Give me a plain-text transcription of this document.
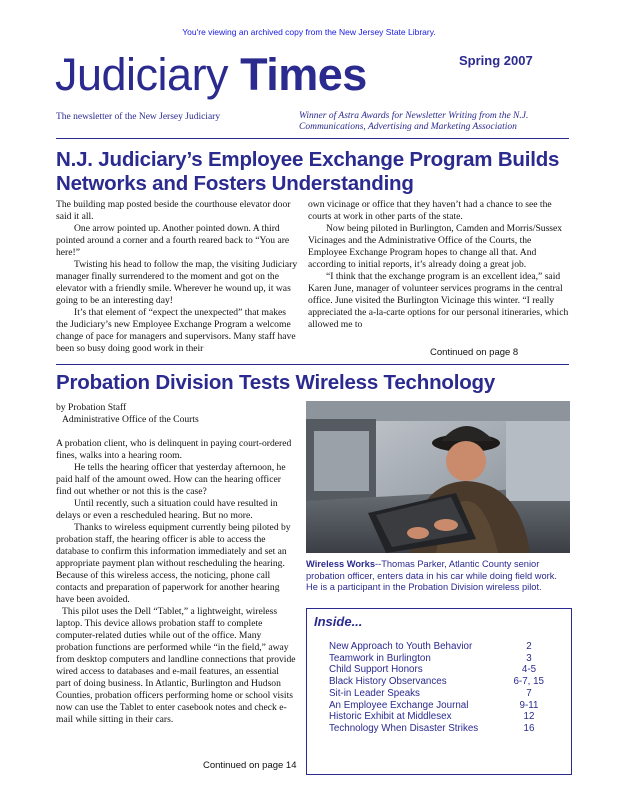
You're viewing an archived copy from the New Jersey State Library.
Judiciary Times	Spring 2007
The newsletter of the New Jersey Judiciary	Winner of Astra Awards for Newsletter Writing from the N.J. Communications, Advertising and Marketing Association
N.J. Judiciary’s Employee Exchange Program Builds Networks and Fosters Understanding

The building map posted beside the courthouse elevator door said it all.

One arrow pointed up. Another pointed down. A third pointed around a corner and a fourth reared back to “You are here!”

Twisting his head to follow the map, the visiting Judiciary manager finally surrendered to the moment and got on the elevator with a friendly smile. Wherever he wound up, it was going to be an interesting day!

It’s that element of “expect the unexpected” that makes the Judiciary’s new Employee Exchange Program a welcome change of pace for managers and supervisors. Many staff have been so busy doing good work in their

own vicinage or office that they haven’t had a chance to see the courts at work in other parts of the state.

Now being piloted in Burlington, Camden and Morris/Sussex Vicinages and the Administrative Office of the Courts, the Employee Exchange Program hopes to change all that. And according to initial reports, it’s already doing a great job.

“I think that the exchange program is an excellent idea,” said Karen June, manager of volunteer services programs in the central office. June visited the Burlington Vicinage this winter. “I really appreciated the a-la-carte options for our personal itineraries, which allowed me to

Continued on page 8
Probation Division Tests Wireless Technology
by Probation Staff
Administrative Office of the Courts

A probation client, who is delinquent in paying court-ordered fines, walks into a hearing room.

He tells the hearing officer that yesterday afternoon, he paid half of the amount owed. How can the hearing officer find out whether or not this is the case?

Until recently, such a situation could have resulted in delays or even a rescheduled hearing. But no more.

Thanks to wireless equipment currently being piloted by probation staff, the hearing officer is able to access the database to confirm this information immediately and set an appropriate payment plan without rescheduling the hearing. Because of this wireless access, the noticing, phone call contacts and preparation of paperwork for another hearing have been avoided.

This pilot uses the Dell “Tablet,” a lightweight, wireless laptop. This device allows probation staff to complete computer-related duties while out of the office. Many probation functions are performed while “in the field,” away from desktop computers and landline connections that provide wired access to databases and e-mail features, an essential part of doing business. In Atlantic, Burlington and Hudson Counties, probation officers performing home or school visits now can use the Tablet to enter casebook notes and check e-mail while sitting in their cars.

Continued on page 14
Wireless Works--Thomas Parker, Atlantic County senior probation officer, enters data in his car while doing field work. He is a participant in the Probation Division wireless pilot.
Inside...
New Approach to Youth Behavior	2
Teamwork in Burlington	3
Child Support Honors	4-5
Black History Observances	6-7, 15
Sit-in Leader Speaks	7
An Employee Exchange Journal	9-11
Historic Exhibit at Middlesex	12
Technology When Disaster Strikes	16
